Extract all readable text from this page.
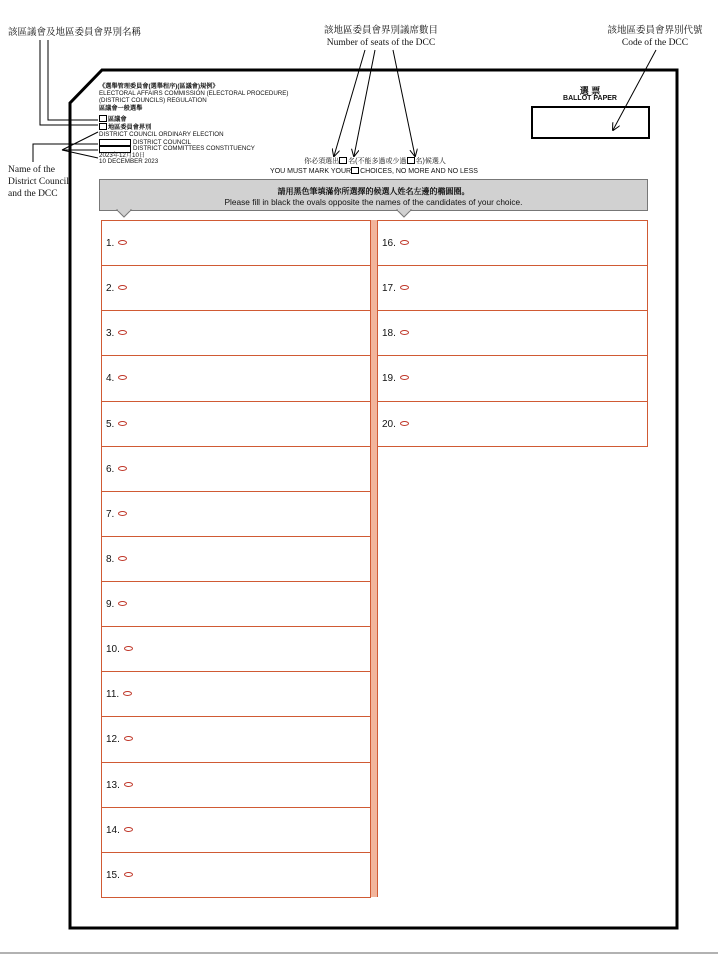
該區議會及地區委員會界別名稱	該地區委員會界別議席數目
Number of seats of the DCC
該地區委員會界別代號
Code of the DCC
Name of the
District Council
and the DCC
《選舉管理委員會(選舉程序)(區議會)規例》
ELECTORAL AFFAIRS COMMISSION (ELECTORAL PROCEDURE)
(DISTRICT COUNCILS) REGULATION
區議會一般選舉
區議會
地區委員會界別
DISTRICT COUNCIL ORDINARY ELECTION
DISTRICT COUNCIL
DISTRICT COMMITTEES CONSTITUENCY
2023年12月10日
10 DECEMBER 2023
選 票
BALLOT PAPER
你必須選出 名(不能多過或少過 名)候選人
YOU MUST MARK YOUR CHOICES, NO MORE AND NO LESS
請用黑色筆填滿你所選擇的候選人姓名左邊的橢圓圈。
Please fill in black the ovals opposite the names of the candidates of your choice.
1.
2.
3.
4.
5.
6.
7.
8.
9.
10.
11.
12.
13.
14.
15.
16.
17.
18.
19.
20.
